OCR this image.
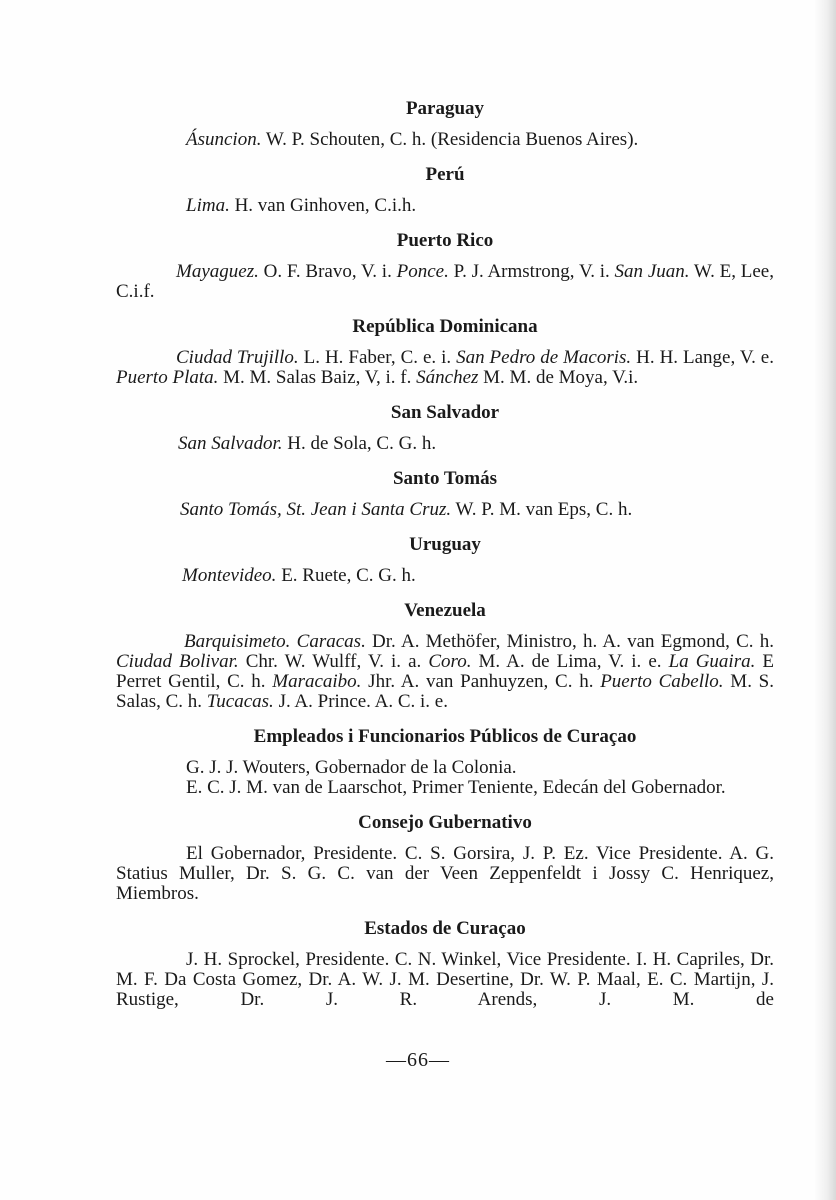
Paraguay

Ásuncion. W. P. Schouten, C. h. (Residencia Buenos Aires).

Perú

Lima. H. van Ginhoven, C.i.h.

Puerto Rico

Mayaguez. O. F. Bravo, V. i. Ponce. P. J. Armstrong, V. i. San Juan. W. E, Lee, C.i.f.

República Dominicana

Ciudad Trujillo. L. H. Faber, C. e. i. San Pedro de Macoris. H. H. Lange, V. e. Puerto Plata. M. M. Salas Baiz, V, i. f. Sánchez M. M. de Moya, V.i.

San Salvador

San Salvador. H. de Sola, C. G. h.

Santo Tomás

Santo Tomás, St. Jean i Santa Cruz. W. P. M. van Eps, C. h.

Uruguay

Montevideo. E. Ruete, C. G. h.

Venezuela

Barquisimeto. Caracas. Dr. A. Methöfer, Ministro, h. A. van Egmond, C. h. Ciudad Bolivar. Chr. W. Wulff, V. i. a. Coro. M. A. de Lima, V. i. e. La Guaira. E Perret Gentil, C. h. Maracaibo. Jhr. A. van Panhuyzen, C. h. Puerto Cabello. M. S. Salas, C. h. Tucacas. J. A. Prince. A. C. i. e.

Empleados i Funcionarios Públicos de Curaçao

G. J. J. Wouters, Gobernador de la Colonia.

E. C. J. M. van de Laarschot, Primer Teniente, Edecán del Gobernador.

Consejo Gubernativo

El Gobernador, Presidente. C. S. Gorsira, J. P. Ez. Vice Presidente. A. G. Statius Muller, Dr. S. G. C. van der Veen Zeppenfeldt i Jossy C. Henriquez, Miembros.

Estados de Curaçao

J. H. Sprockel, Presidente. C. N. Winkel, Vice Presidente. I. H. Capriles, Dr. M. F. Da Costa Gomez, Dr. A. W. J. M. Desertine, Dr. W. P. Maal, E. C. Martijn, J. Rustige, Dr. J. R. Arends, J. M. de

—66—
